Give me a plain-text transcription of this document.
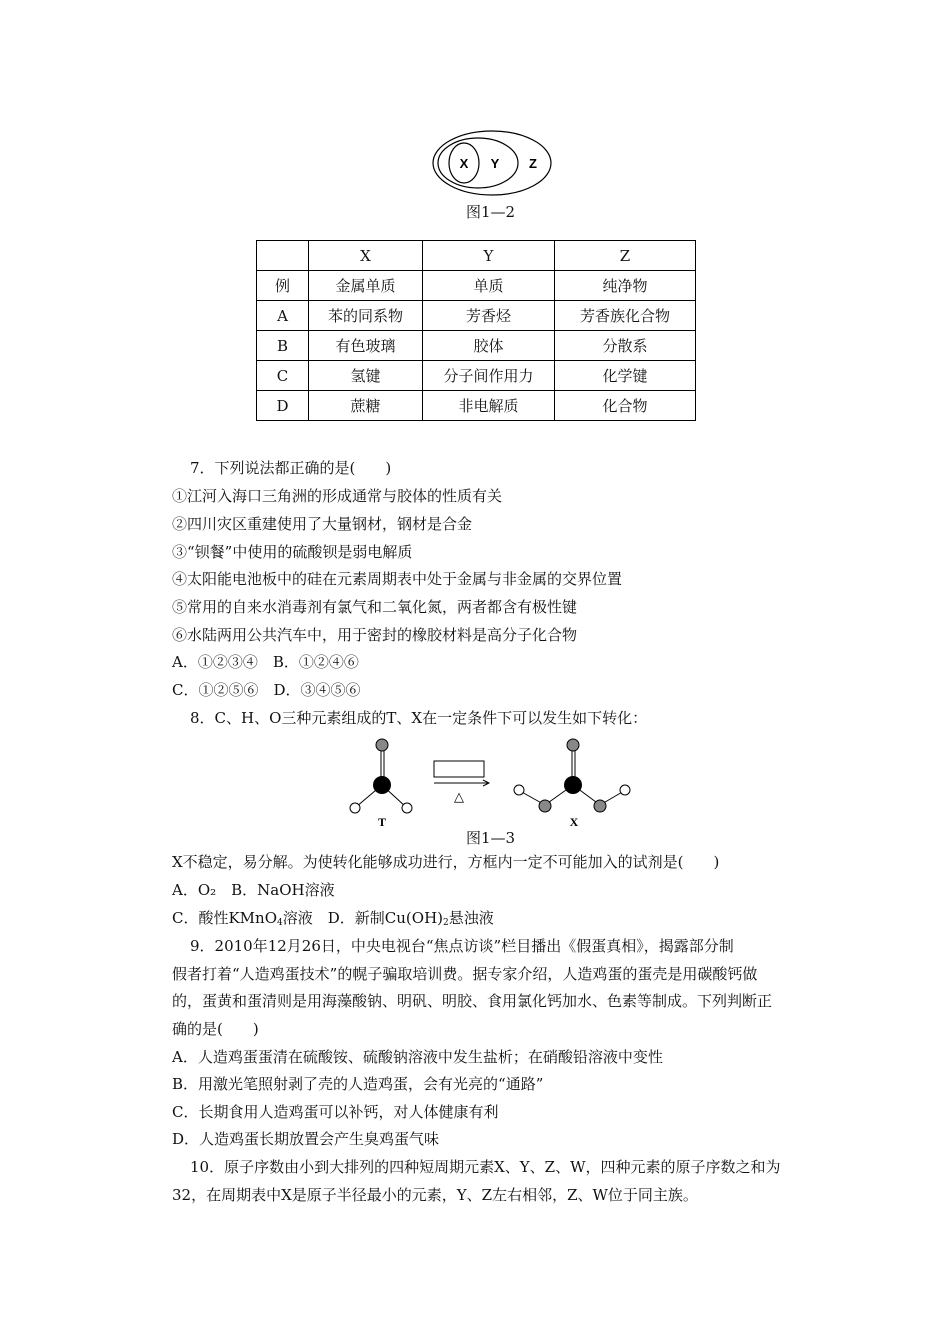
X Y Z
图1—2
	X	Y	Z
例	金属单质	单质	纯净物
A	苯的同系物	芳香烃	芳香族化合物
B	有色玻璃	胶体	分散系
C	氢键	分子间作用力	化学键
D	蔗糖	非电解质	化合物
7．下列说法都正确的是(　　)
①江河入海口三角洲的形成通常与胶体的性质有关
②四川灾区重建使用了大量钢材，钢材是合金
③“钡餐”中使用的硫酸钡是弱电解质
④太阳能电池板中的硅在元素周期表中处于金属与非金属的交界位置
⑤常用的自来水消毒剂有氯气和二氧化氮，两者都含有极性键
⑥水陆两用公共汽车中，用于密封的橡胶材料是高分子化合物
A．①②③④　B．①②④⑥
C．①②⑤⑥　D．③④⑤⑥
8．C、H、O三种元素组成的T、X在一定条件下可以发生如下转化：
T
△
X
图1—3
X不稳定，易分解。为使转化能够成功进行，方框内一定不可能加入的试剂是(　　)
A．O₂　B．NaOH溶液
C．酸性KMnO$_4$溶液　D．新制$Cu(OH)_2$悬浊液
9．2010年12月26日，中央电视台“焦点访谈”栏目播出《假蛋真相》，揭露部分制
假者打着“人造鸡蛋技术”的幌子骗取培训费。据专家介绍，人造鸡蛋的蛋壳是用碳酸钙做
的，蛋黄和蛋清则是用海藻酸钠、明矾、明胶、食用氯化钙加水、色素等制成。下列判断正
确的是(　　)
A．人造鸡蛋蛋清在硫酸铵、硫酸钠溶液中发生盐析；在硝酸铅溶液中变性
B．用激光笔照射剥了壳的人造鸡蛋，会有光亮的“通路”
C．长期食用人造鸡蛋可以补钙，对人体健康有利
D．人造鸡蛋长期放置会产生臭鸡蛋气味
10．原子序数由小到大排列的四种短周期元素X、Y、Z、W，四种元素的原子序数之和为
32，在周期表中X是原子半径最小的元素，Y、Z左右相邻，Z、W位于同主族。
